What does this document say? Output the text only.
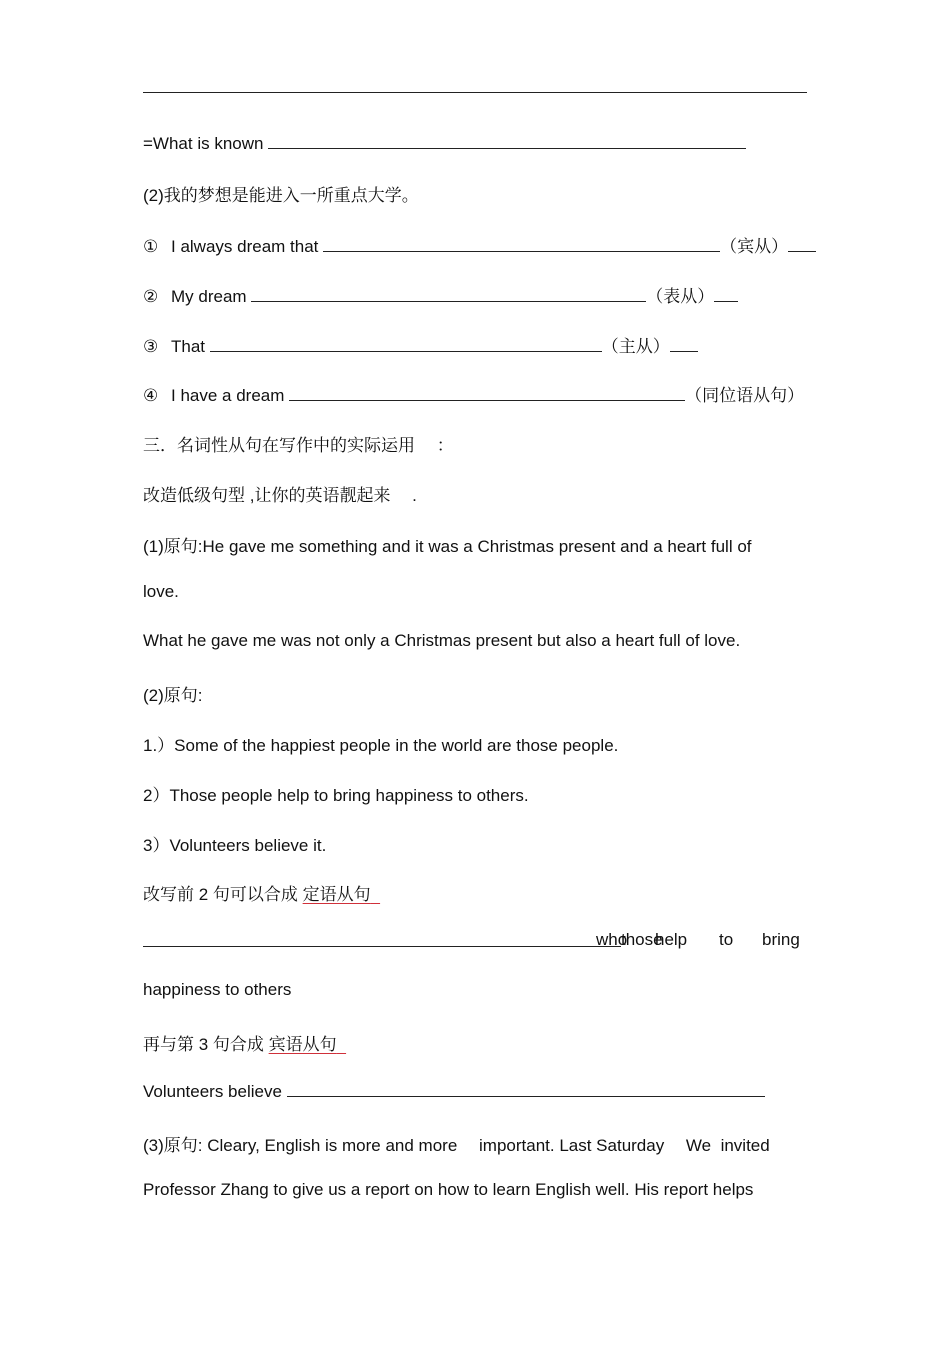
=What is known
(2)我的梦想是能进入一所重点大学。
① I always dream that	（宾从）
② My dream	（表从）
③ That	（主从）
④ I have a dream	（同位语从句）
三．名词性从句在写作中的实际运用 　：
改造低级句型 ,让你的英语靓起来 　.
(1)原句:He gave me something and it was a Christmas present and a heart full of
love.
What he gave me was not only a Christmas present but also a heart full of love.
(2)原句:
1.）Some of the happiest people in the world are those people.
2）Those people help to bring happiness to others.
3）Volunteers believe it.
改写前 2 句可以合成 定语从句
who
those
help to bring
happiness to others
再与第 3 句合成 宾语从句
Volunteers believe
(3)原句: Cleary, English is more and more 　important. Last Saturday 　We  invited
Professor Zhang to give us a report on how to learn English well. His report helps
